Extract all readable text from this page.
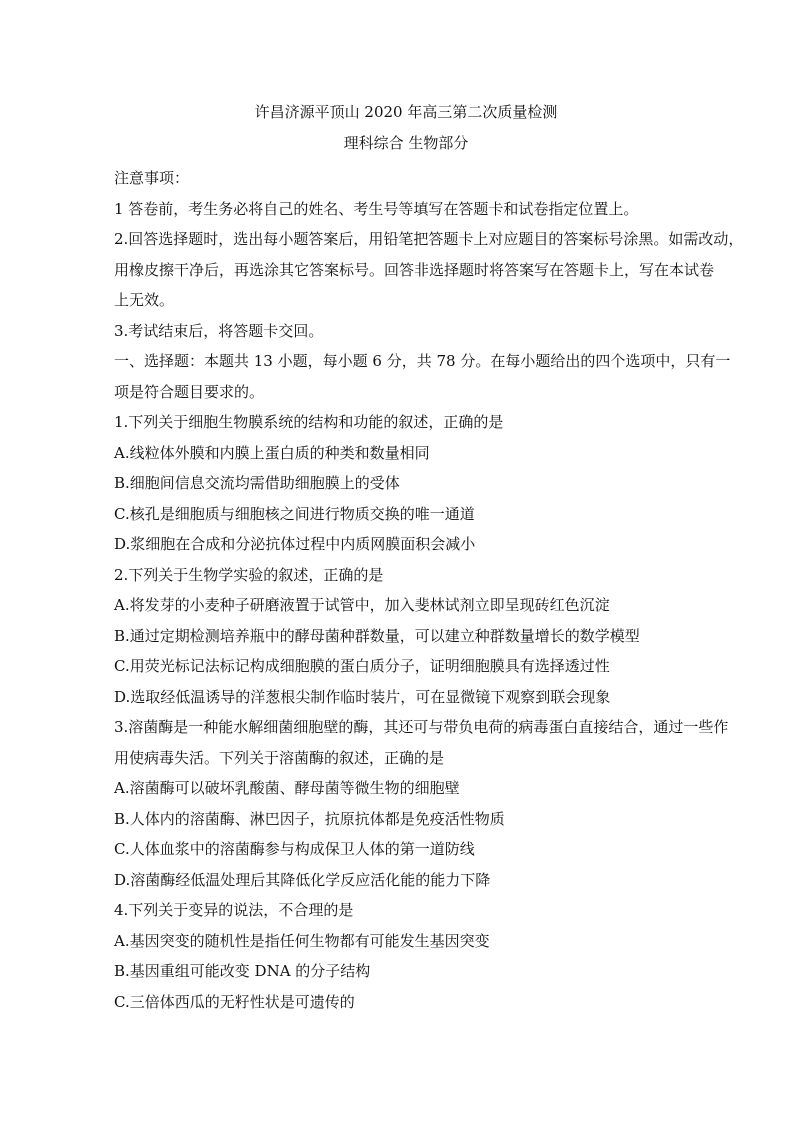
许昌济源平顶山 2020 年高三第二次质量检测
理科综合 生物部分
注意事项：
1 答卷前，考生务必将自己的姓名、考生号等填写在答题卡和试卷指定位置上。
2.回答选择题时，选出每小题答案后，用铅笔把答题卡上对应题目的答案标号涂黑。如需改动，
用橡皮擦干净后，再选涂其它答案标号。回答非选择题时将答案写在答题卡上，写在本试卷
上无效。
3.考试结束后，将答题卡交回。
一、选择题：本题共 13 小题，每小题 6 分，共 78 分。在每小题给出的四个选项中，只有一
项是符合题目要求的。
1.下列关于细胞生物膜系统的结构和功能的叙述，正确的是
A.线粒体外膜和内膜上蛋白质的种类和数量相同
B.细胞间信息交流均需借助细胞膜上的受体
C.核孔是细胞质与细胞核之间进行物质交换的唯一通道
D.浆细胞在合成和分泌抗体过程中内质网膜面积会减小
2.下列关于生物学实验的叙述，正确的是
A.将发芽的小麦种子研磨液置于试管中，加入斐林试剂立即呈现砖红色沉淀
B.通过定期检测培养瓶中的酵母菌种群数量，可以建立种群数量增长的数学模型
C.用荧光标记法标记构成细胞膜的蛋白质分子，证明细胞膜具有选择透过性
D.选取经低温诱导的洋葱根尖制作临时装片，可在显微镜下观察到联会现象
3.溶菌酶是一种能水解细菌细胞壁的酶，其还可与带负电荷的病毒蛋白直接结合，通过一些作
用使病毒失活。下列关于溶菌酶的叙述，正确的是
A.溶菌酶可以破坏乳酸菌、酵母菌等微生物的细胞壁
B.人体内的溶菌酶、淋巴因子，抗原抗体都是免疫活性物质
C.人体血浆中的溶菌酶参与构成保卫人体的第一道防线
D.溶菌酶经低温处理后其降低化学反应活化能的能力下降
4.下列关于变异的说法，不合理的是
A.基因突变的随机性是指任何生物都有可能发生基因突变
B.基因重组可能改变 DNA 的分子结构
C.三倍体西瓜的无籽性状是可遗传的
